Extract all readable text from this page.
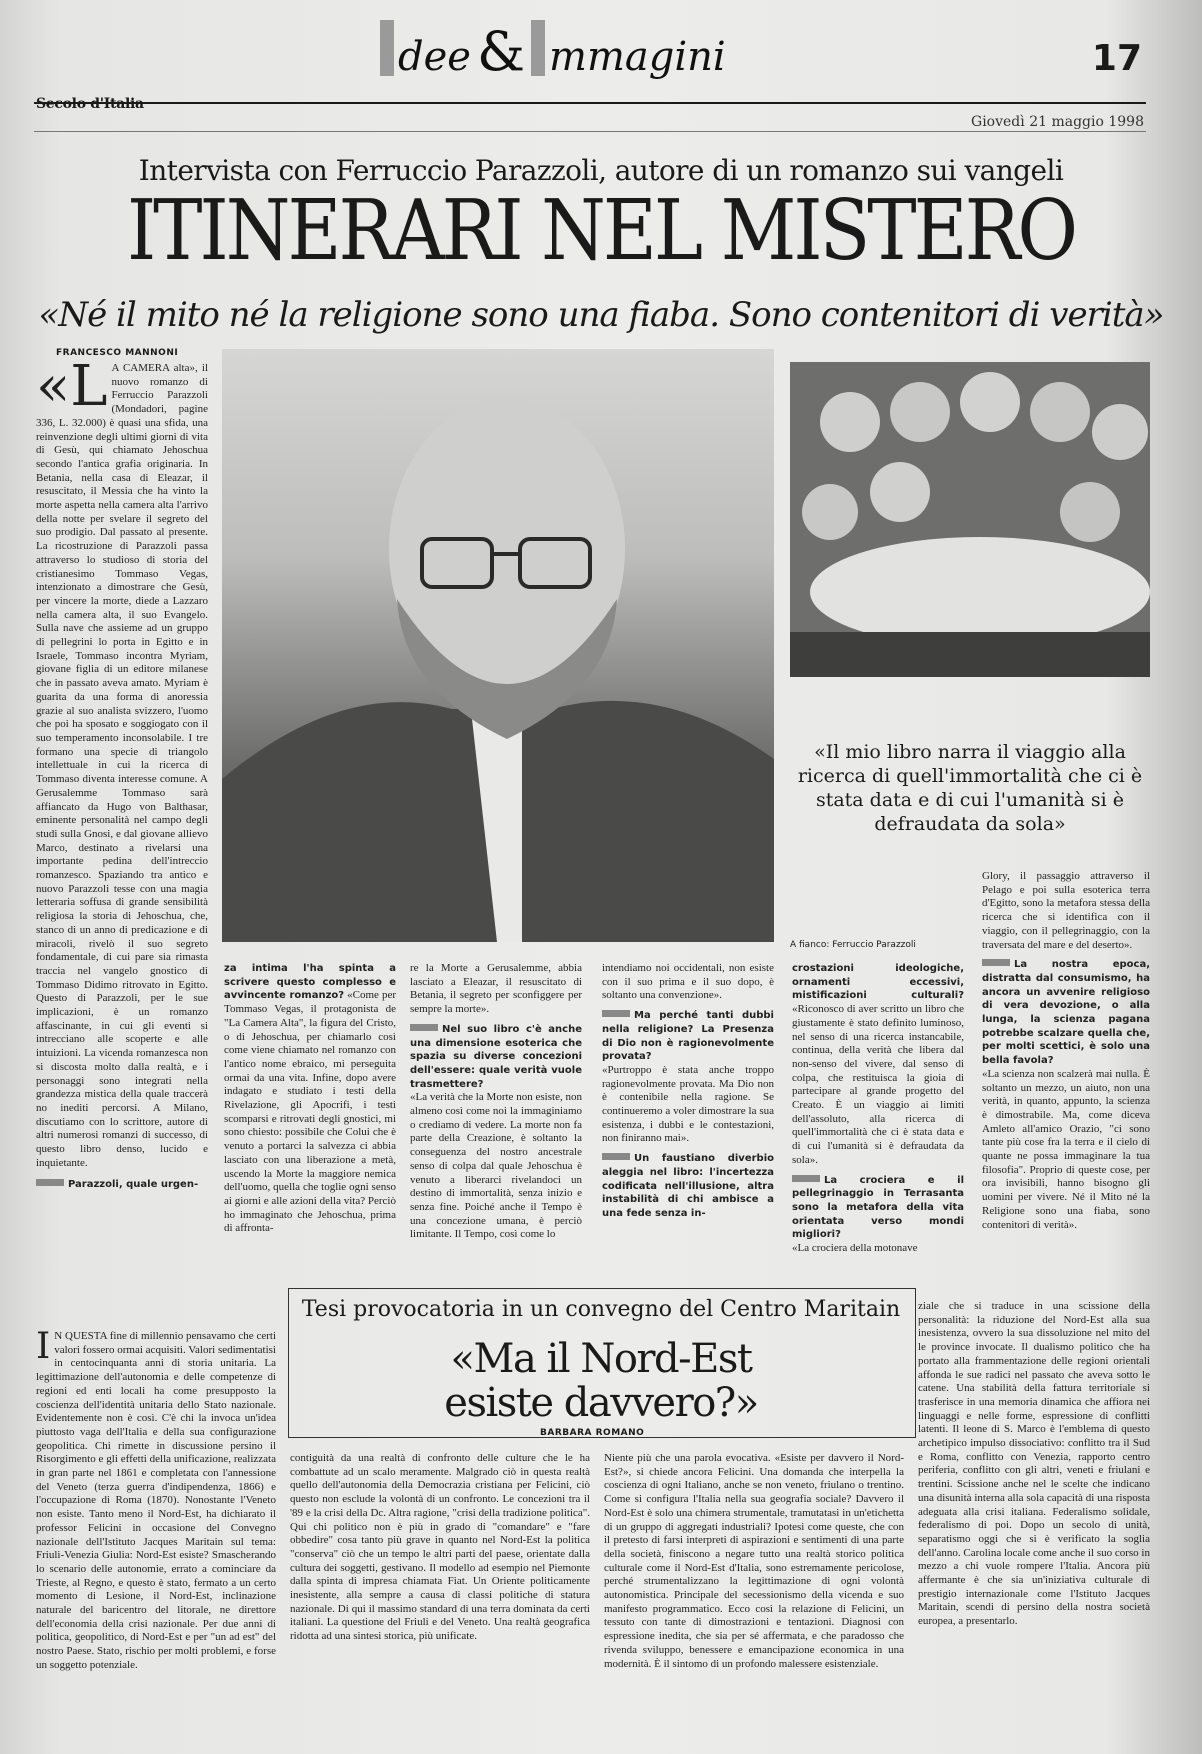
dee & mmagini	17
Secolo d'Italia
Giovedì 21 maggio 1998
Intervista con Ferruccio Parazzoli, autore di un romanzo sui vangeli
ITINERARI NEL MISTERO
«Né il mito né la religione sono una fiaba. Sono contenitori di verità»
FRANCESCO MANNONI
«L A CAMERA alta», il nuovo romanzo di Ferruccio Parazzoli (Mondadori, pagine 336, L. 32.000) è quasi una sfida, una reinvenzione degli ultimi giorni di vita di Gesù, qui chiamato Jehoschua secondo l'antica grafia originaria. In Betania, nella casa di Eleazar, il resuscitato, il Messia che ha vinto la morte aspetta nella camera alta l'arrivo della notte per svelare il segreto del suo prodigio. Dal passato al presente. La ricostruzione di Parazzoli passa attraverso lo studioso di storia del cristianesimo Tommaso Vegas, intenzionato a dimostrare che Gesù, per vincere la morte, diede a Lazzaro nella camera alta, il suo Evangelo. Sulla nave che assieme ad un gruppo di pellegrini lo porta in Egitto e in Israele, Tommaso incontra Myriam, giovane figlia di un editore milanese che in passato aveva amato. Myriam è guarita da una forma di anoressia grazie al suo analista svizzero, l'uomo che poi ha sposato e soggiogato con il suo temperamento inconsolabile. I tre formano una specie di triangolo intellettuale in cui la ricerca di Tommaso diventa interesse comune. A Gerusalemme Tommaso sarà affiancato da Hugo von Balthasar, eminente personalità nel campo degli studi sulla Gnosi, e dal giovane allievo Marco, destinato a rivelarsi una importante pedina dell'intreccio romanzesco. Spaziando tra antico e nuovo Parazzoli tesse con una magia letteraria soffusa di grande sensibilità religiosa la storia di Jehoschua, che, stanco di un anno di predicazione e di miracoli, rivelò il suo segreto fondamentale, di cui pare sia rimasta traccia nel vangelo gnostico di Tommaso Didimo ritrovato in Egitto. Questo di Parazzoli, per le sue implicazioni, è un romanzo affascinante, in cui gli eventi si intrecciano alle scoperte e alle intuizioni. La vicenda romanzesca non si discosta molto dalla realtà, e i personaggi sono integrati nella grandezza mistica della quale traccerà no inediti percorsi. A Milano, discutiamo con lo scrittore, autore di altri numerosi romanzi di successo, di questo libro denso, lucido e inquietante.
Parazzoli, quale urgen-
«Il mio libro narra il viaggio alla ricerca di quell'immortalità che ci è stata data e di cui l'umanità si è defraudata da sola»
A fianco: Ferruccio Parazzoli
za intima l'ha spinta a scrivere questo complesso e avvincente romanzo? «Come per Tommaso Vegas, il protagonista de "La Camera Alta", la figura del Cristo, o di Jehoschua, per chiamarlo così come viene chiamato nel romanzo con l'antico nome ebraico, mi perseguita ormai da una vita. Infine, dopo avere indagato e studiato i testi della Rivelazione, gli Apocrifi, i testi scomparsi e ritrovati degli gnostici, mi sono chiesto: possibile che Colui che è venuto a portarci la salvezza ci abbia lasciato con una liberazione a metà, uscendo la Morte la maggiore nemica dell'uomo, quella che toglie ogni senso ai giorni e alle azioni della vita? Perciò ho immaginato che Jehoschua, prima di affronta-
re la Morte a Gerusalemme, abbia lasciato a Eleazar, il resuscitato di Betania, il segreto per sconfiggere per sempre la morte».
Nel suo libro c'è anche una dimensione esoterica che spazia su diverse concezioni dell'essere: quale verità vuole trasmettere?
«La verità che la Morte non esiste, non almeno così come noi la immaginiamo o crediamo di vedere. La morte non fa parte della Creazione, è soltanto la conseguenza del nostro ancestrale senso di colpa dal quale Jehoschua è venuto a liberarci rivelandoci un destino di immortalità, senza inizio e senza fine. Poiché anche il Tempo è una concezione umana, è perciò limitante. Il Tempo, così come lo
intendiamo noi occidentali, non esiste con il suo prima e il suo dopo, è soltanto una convenzione».
Ma perché tanti dubbi nella religione? La Presenza di Dio non è ragionevolmente provata?
«Purtroppo è stata anche troppo ragionevolmente provata. Ma Dio non è contenibile nella ragione. Se continueremo a voler dimostrare la sua esistenza, i dubbi e le contestazioni, non finiranno mai».
Un faustiano diverbio aleggia nel libro: l'incertezza codificata nell'illusione, altra instabilità di chi ambisce a una fede senza in-
crostazioni ideologiche, ornamenti eccessivi, mistificazioni culturali? «Riconosco di aver scritto un libro che giustamente è stato definito luminoso, nel senso di una ricerca instancabile, continua, della verità che libera dal non-senso del vivere, dal senso di colpa, che restituisca la gioia di partecipare al grande progetto del Creato. È un viaggio ai limiti dell'assoluto, alla ricerca di quell'immortalità che ci è stata data e di cui l'umanità si è defraudata da sola».
La crociera e il pellegrinaggio in Terrasanta sono la metafora della vita orientata verso mondi migliori?
«La crociera della motonave
Glory, il passaggio attraverso il Pelago e poi sulla esoterica terra d'Egitto, sono la metafora stessa della ricerca che si identifica con il viaggio, con il pellegrinaggio, con la traversata del mare e del deserto».
La nostra epoca, distratta dal consumismo, ha ancora un avvenire religioso di vera devozione, o alla lunga, la scienza pagana potrebbe scalzare quella che, per molti scettici, è solo una bella favola?
«La scienza non scalzerà mai nulla. È soltanto un mezzo, un aiuto, non una verità, in quanto, appunto, la scienza è dimostrabile. Ma, come diceva Amleto all'amico Orazio, "ci sono tante più cose fra la terra e il cielo di quante ne possa immaginare la tua filosofia". Proprio di queste cose, per ora invisibili, hanno bisogno gli uomini per vivere. Né il Mito né la Religione sono una fiaba, sono contenitori di verità».
Tesi provocatoria in un convegno del Centro Maritain
«Ma il Nord-Est esiste davvero?»
BARBARA ROMANO
I N QUESTA fine di millennio pensavamo che certi valori fossero ormai acquisiti. Valori sedimentatisi in centocinquanta anni di storia unitaria. La legittimazione dell'autonomia e delle competenze di regioni ed enti locali ha come presupposto la coscienza dell'identità unitaria dello Stato nazionale. Evidentemente non è così. C'è chi la invoca un'idea piuttosto vaga dell'Italia e della sua configurazione geopolitica. Chi rimette in discussione persino il Risorgimento e gli effetti della unificazione, realizzata in gran parte nel 1861 e completata con l'annessione del Veneto (terza guerra d'indipendenza, 1866) e l'occupazione di Roma (1870). Nonostante l'Veneto non esiste. Tanto meno il Nord-Est, ha dichiarato il professor Felicini in occasione del Convegno nazionale dell'Istituto Jacques Maritain sul tema: Friuli-Venezia Giulia: Nord-Est esiste? Smascherando lo scenario delle autonomie, errato a cominciare da Trieste, al Regno, e questo è stato, fermato a un certo momento di Lesione, il Nord-Est, inclinazione naturale del baricentro del litorale, ne direttore dell'economia della crisi nazionale. Per due anni di politica, geopolitico, di Nord-Est e per "un ad est" del nostro Paese. Stato, rischio per molti problemi, e forse un soggetto potenziale.
contiguità da una realtà di confronto delle culture che le ha combattute ad un scalo meramente. Malgrado ciò in questa realtà quello dell'autonomia della Democrazia cristiana per Felicini, ciò questo non esclude la volontà di un confronto. Le concezioni tra il '89 e la crisi della Dc. Altra ragione, "crisi della tradizione politica". Qui chi politico non è più in grado di "comandare" e "fare obbedire" cosa tanto più grave in quanto nel Nord-Est la politica "conserva" ciò che un tempo le altri parti del paese, orientate dalla cultura dei soggetti, gestivano. Il modello ad esempio nel Piemonte dalla spinta di impresa chiamata Fiat. Un Oriente politicamente inesistente, alla sempre a causa di classi politiche di statura nazionale. Di qui il massimo standard di una terra dominata da certi italiani. La questione del Friuli e del Veneto. Una realtà geografica ridotta ad una sintesi storica, più unificate.
Niente più che una parola evocativa. «Esiste per davvero il Nord-Est?», si chiede ancora Felicini. Una domanda che interpella la coscienza di ogni Italiano, anche se non veneto, friulano o trentino. Come si configura l'Italia nella sua geografia sociale? Davvero il Nord-Est è solo una chimera strumentale, tramutatasi in un'etichetta di un gruppo di aggregati industriali? Ipotesi come queste, che con il pretesto di farsi interpreti di aspirazioni e sentimenti di una parte della società, finiscono a negare tutto una realtà storico politica culturale come il Nord-Est d'Italia, sono estremamente pericolose, perché strumentalizzano la legittimazione di ogni volontà autonomistica. Principale del secessionismo della vicenda e suo manifesto programmatico. Ecco così la relazione di Felicini, un tessuto con tante di dimostrazioni e tentazioni. Diagnosi con espressione inedita, che sia per sé affermata, e che paradosso che rivenda sviluppo, benessere e emancipazione economica in una modernità. È il sintomo di un profondo malessere esistenziale.
ziale che si traduce in una scissione della personalità: la riduzione del Nord-Est alla sua inesistenza, ovvero la sua dissoluzione nel mito del le province invocate. Il dualismo politico che ha portato alla frammentazione delle regioni orientali affonda le sue radici nel passato che aveva sotto le catene. Una stabilità della fattura territoriale si trasferisce in una memoria dinamica che affiora nei linguaggi e nelle forme, espressione di conflitti latenti. Il leone di S. Marco è l'emblema di questo archetipico impulso dissociativo: conflitto tra il Sud e Roma, conflitto con Venezia, rapporto centro periferia, conflitto con gli altri, veneti e friulani e trentini. Scissione anche nel le scelte che indicano una disunità interna alla sola capacità di una risposta adeguata alla crisi italiana. Federalismo solidale, federalismo di poi. Dopo un secolo di unità, separatismo oggi che si è verificato la soglia dell'anno. Carolina locale come anche il suo corso in mezzo a chi vuole rompere l'Italia. Ancora più affermante è che sia un'iniziativa culturale di prestigio internazionale come l'Istituto Jacques Maritain, scendi di persino della nostra società europea, a presentarlo.
